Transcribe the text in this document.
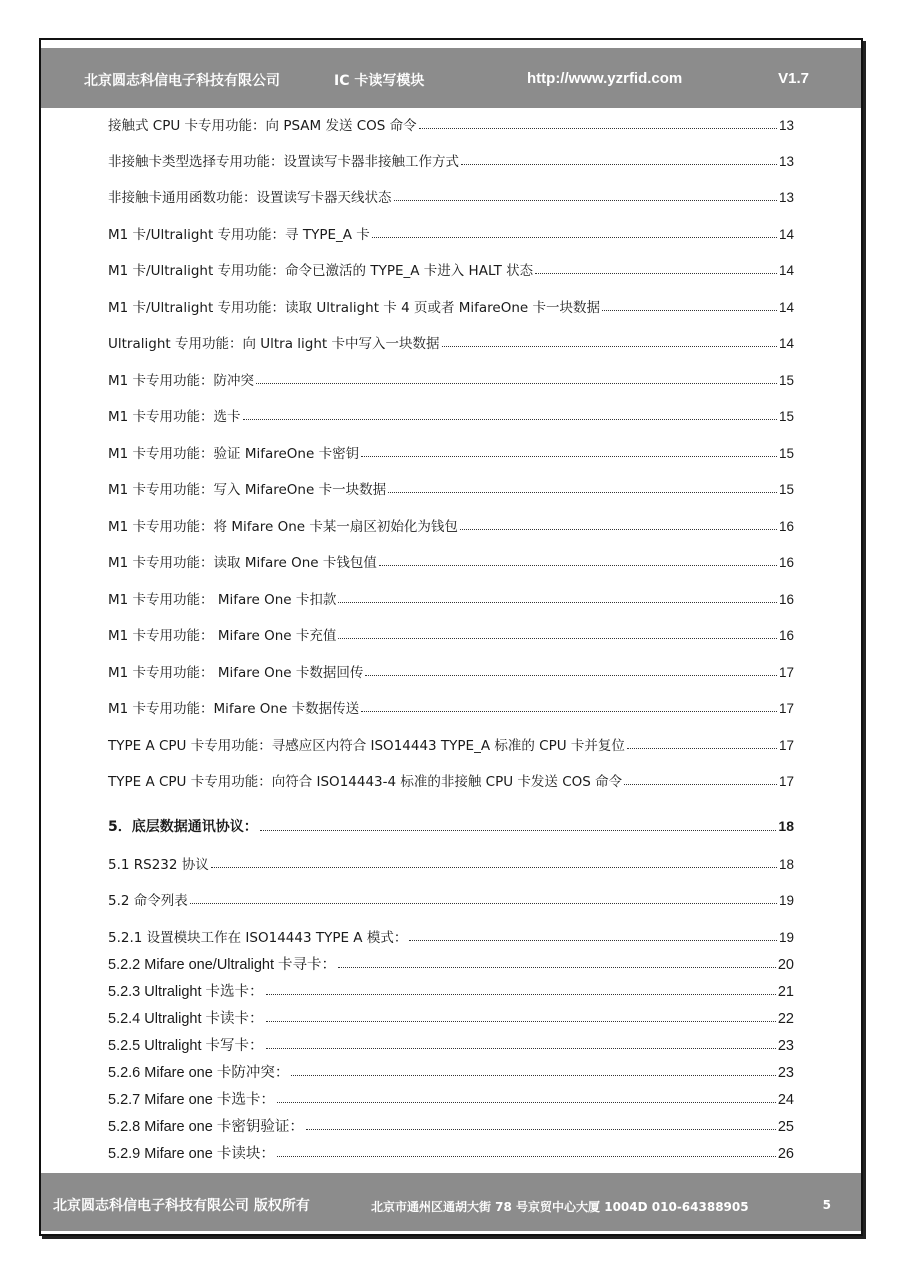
北京圆志科信电子科技有限公司	IC 卡读写模块	http://www.yzrfid.com	V1.7
接触式 CPU 卡专用功能：向 PSAM 发送 COS 命令	13
非接触卡类型选择专用功能：设置读写卡器非接触工作方式	13
非接触卡通用函数功能：设置读写卡器天线状态	13
M1 卡/Ultralight 专用功能：寻 TYPE_A 卡	14
M1 卡/Ultralight 专用功能：命令已激活的 TYPE_A 卡进入 HALT 状态	14
M1 卡/Ultralight 专用功能：读取 Ultralight 卡 4 页或者 MifareOne 卡一块数据	14
Ultralight 专用功能：向 Ultra light 卡中写入一块数据	14
M1 卡专用功能：防冲突	15
M1 卡专用功能：选卡	15
M1 卡专用功能：验证 MifareOne 卡密钥	15
M1 卡专用功能：写入 MifareOne 卡一块数据	15
M1 卡专用功能：将 Mifare One 卡某一扇区初始化为钱包	16
M1 卡专用功能：读取 Mifare One 卡钱包值	16
M1 卡专用功能： Mifare One 卡扣款	16
M1 卡专用功能： Mifare One 卡充值	16
M1 卡专用功能： Mifare One 卡数据回传	17
M1 卡专用功能：Mifare One 卡数据传送	17
TYPE A CPU 卡专用功能：寻感应区内符合 ISO14443 TYPE_A 标准的 CPU 卡并复位	17
TYPE A CPU 卡专用功能：向符合 ISO14443-4 标准的非接触 CPU 卡发送 COS 命令	17
5．底层数据通讯协议：	18
5.1 RS232 协议	18
5.2 命令列表	19
5.2.1 设置模块工作在 ISO14443 TYPE A 模式：	19
5.2.2 Mifare one/Ultralight 卡寻卡：	20
5.2.3 Ultralight 卡选卡：	21
5.2.4 Ultralight 卡读卡：	22
5.2.5 Ultralight 卡写卡：	23
5.2.6 Mifare one 卡防冲突：	23
5.2.7 Mifare one 卡选卡：	24
5.2.8 Mifare one 卡密钥验证：	25
5.2.9 Mifare one 卡读块：	26
北京圆志科信电子科技有限公司 版权所有	北京市通州区通胡大街 78 号京贸中心大厦 1004D 010-64388905	5
